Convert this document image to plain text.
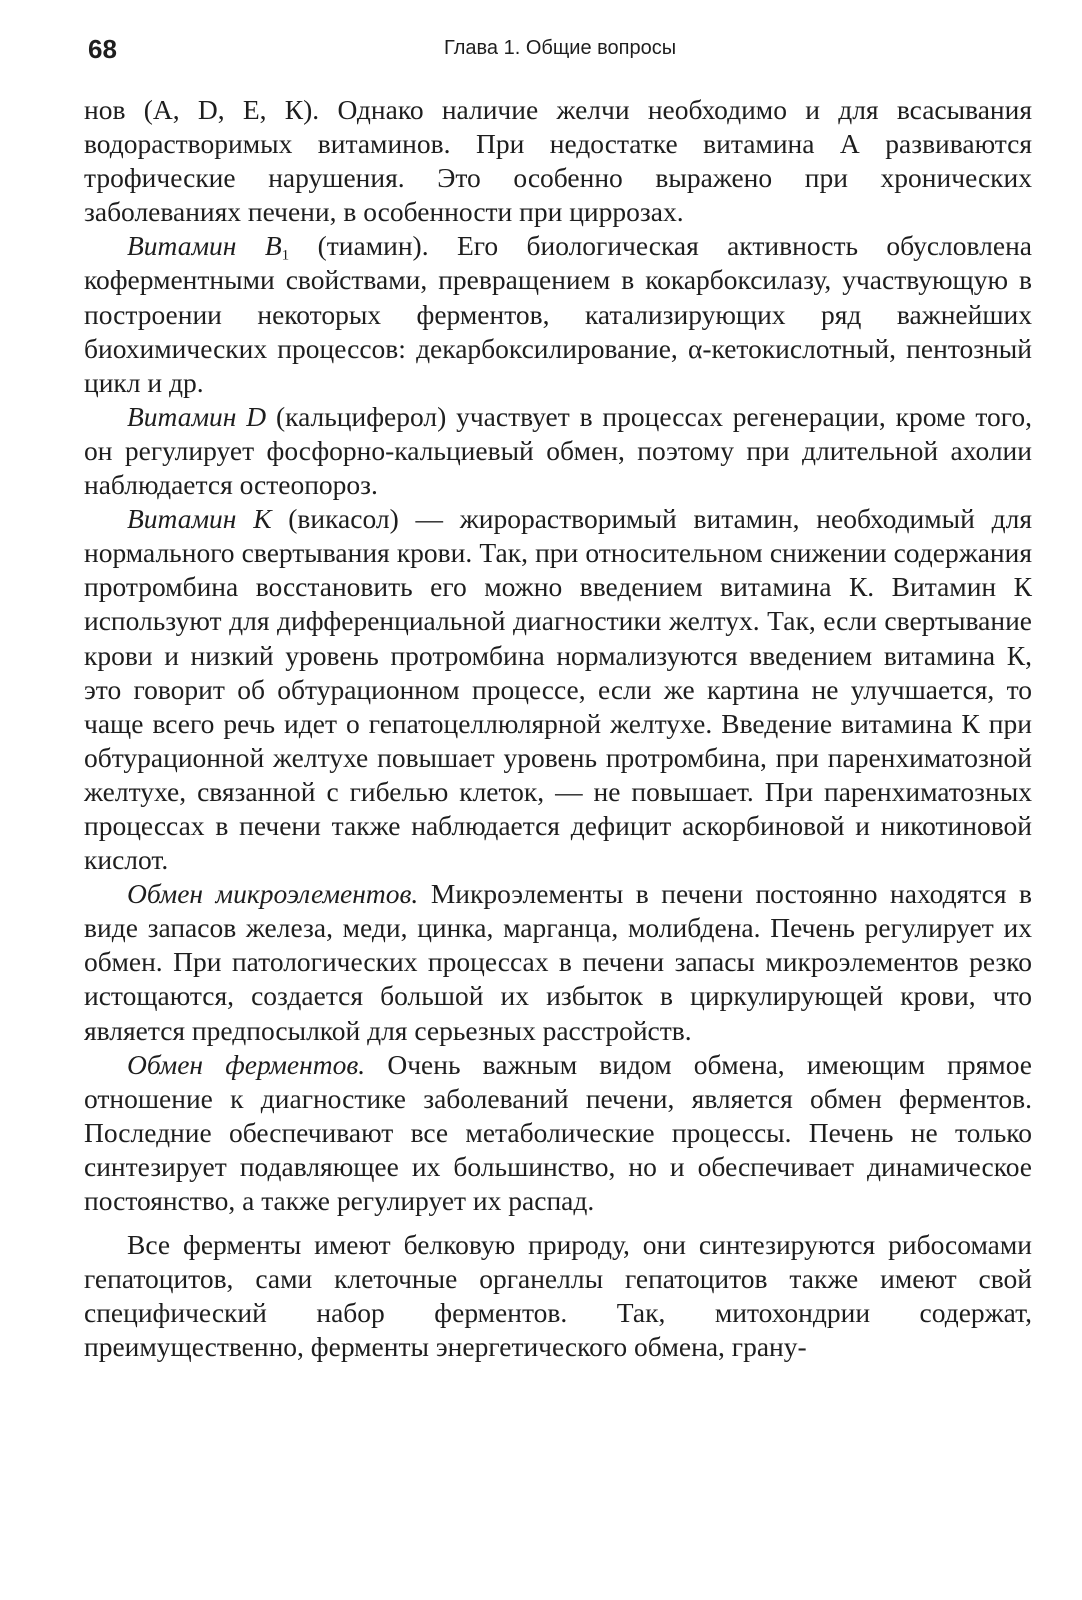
68	Глава 1. Общие вопросы

нов (А, D, Е, К). Однако наличие желчи необходимо и для всасывания водорастворимых витаминов. При недостатке витамина А развиваются трофические нарушения. Это особенно выражено при хронических заболеваниях печени, в особенности при циррозах.

Витамин $B_1$ (тиамин). Его биологическая активность обусловлена коферментными свойствами, превращением в кокарбоксилазу, участвующую в построении некоторых ферментов, катализирующих ряд важнейших биохимических процессов: декарбоксилирование, α-кетокислотный, пентозный цикл и др.

Витамин D (кальциферол) участвует в процессах регенерации, кроме того, он регулирует фосфорно-кальциевый обмен, поэтому при длительной ахолии наблюдается остеопороз.

Витамин К (викасол) — жирорастворимый витамин, необходимый для нормального свертывания крови. Так, при относительном снижении содержания протромбина восстановить его можно введением витамина К. Витамин К используют для дифференциальной диагностики желтух. Так, если свертывание крови и низкий уровень протромбина нормализуются введением витамина К, это говорит об обтурационном процессе, если же картина не улучшается, то чаще всего речь идет о гепатоцеллюлярной желтухе. Введение витамина К при обтурационной желтухе повышает уровень протромбина, при паренхиматозной желтухе, связанной с гибелью клеток, — не повышает. При паренхиматозных процессах в печени также наблюдается дефицит аскорбиновой и никотиновой кислот.

Обмен микроэлементов. Микроэлементы в печени постоянно находятся в виде запасов железа, меди, цинка, марганца, молибдена. Печень регулирует их обмен. При патологических процессах в печени запасы микроэлементов резко истощаются, создается большой их избыток в циркулирующей крови, что является предпосылкой для серьезных расстройств.

Обмен ферментов. Очень важным видом обмена, имеющим прямое отношение к диагностике заболеваний печени, является обмен ферментов. Последние обеспечивают все метаболические процессы. Печень не только синтезирует подавляющее их большинство, но и обеспечивает динамическое постоянство, а также регулирует их распад.

Все ферменты имеют белковую природу, они синтезируются рибосомами гепатоцитов, сами клеточные органеллы гепатоцитов также имеют свой специфический набор ферментов. Так, митохондрии содержат, преимущественно, ферменты энергетического обмена, грану-
